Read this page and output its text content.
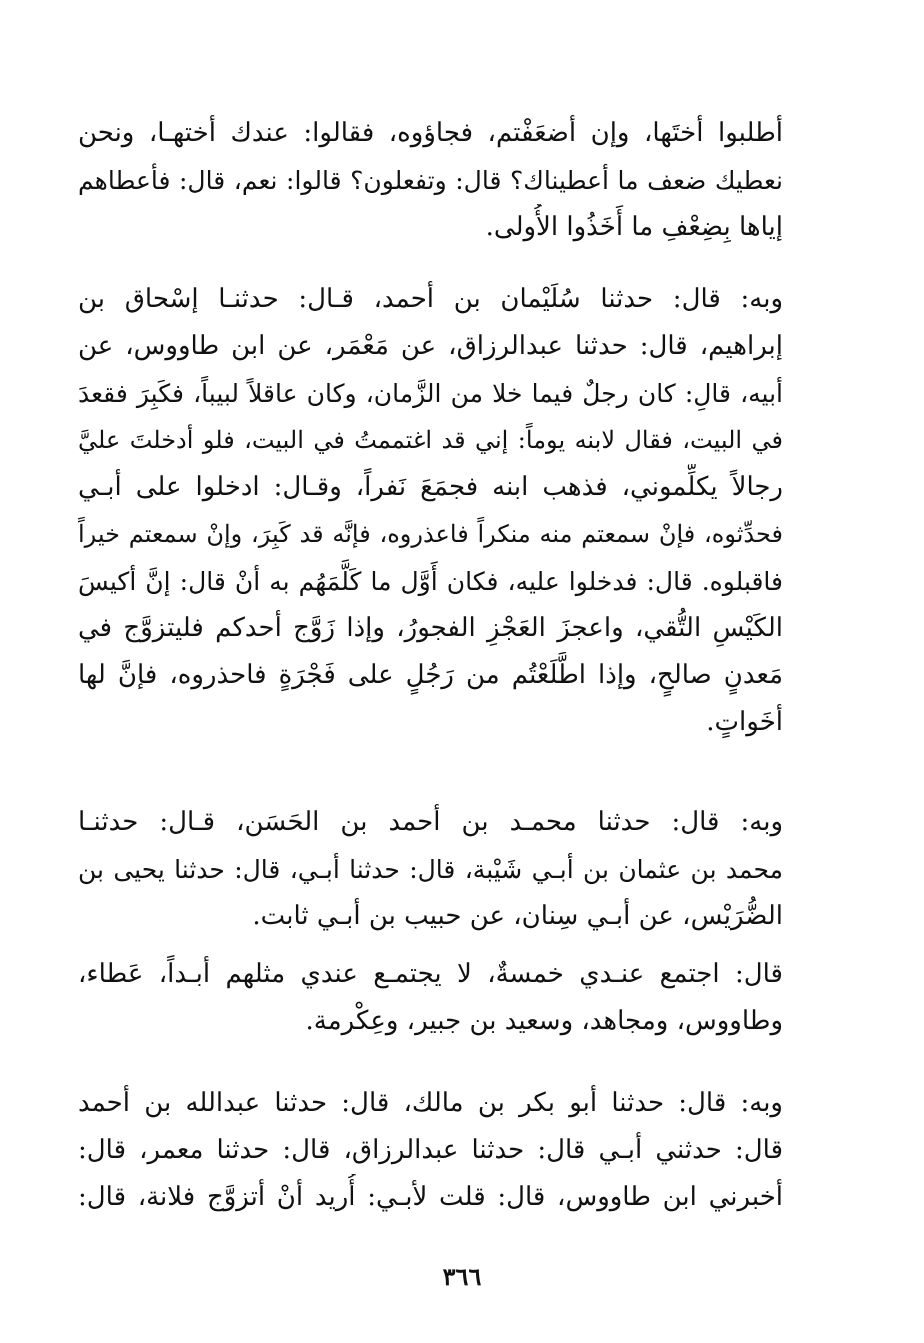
أطلبوا أختَها، وإن أضعَفْتم، فجاؤوه، فقالوا: عندك أختهـا، ونحن
نعطيك ضعف ما أعطيناك؟ قال: وتفعلون؟ قالوا: نعم، قال: فأعطاهم
إياها بِضِعْفِ ما أَخَذُوا الأُولى.
وبه: قال: حدثنا سُلَيْمان بن أحمد، قـال: حدثنـا إسْحاق بن
إبراهيم، قال: حدثنا عبدالرزاق، عن مَعْمَر، عن ابن طاووس، عن
أبيه، قالِ: كان رجلٌ فيما خلا من الزَّمان، وكان عاقلاً لبيباً، فكَبِرَ فقعدَ
في البيت، فقال لابنه يوماً: إني قد اغتممتُ في البيت، فلو أدخلتَ عليَّ
رجالاً يكلِّموني، فذهب ابنه فجمَعَ نَفراً، وقـال: ادخلوا على أبـي
فحدِّثوه، فإنْ سمعتم منه منكراً فاعذروه، فإنَّه قد كَبِرَ، وإنْ سمعتم خيراً
فاقبلوه. قال: فدخلوا عليه، فكان أَوَّل ما كَلَّمَهُم به أنْ قال: إنَّ أكيسَ
الكَيْسِ التُّقي، واعجزَ العَجْزِ الفجورُ، وإذا زَوَّج أحدكم فليتزوَّج في
مَعدنٍ صالحٍ، وإذا اطَّلَعْتُم من رَجُلٍ على فَجْرَةٍ فاحذروه، فإنَّ لها
أخَواتٍ.
وبه: قال: حدثنا محمـد بن أحمد بن الحَسَن، قـال: حدثنـا
محمد بن عثمان بن أبـي شَيْبة، قال: حدثنا أبـي، قال: حدثنا يحيى بن
الضُّرَيْس، عن أبـي سِنان، عن حبيب بن أبـي ثابت.
قال: اجتمع عنـدي خمسةٌ، لا يجتمـع عندي مثلهم أبـداً، عَطاء،
وطاووس، ومجاهد، وسعيد بن جبير، وعِكْرمة.
وبه: قال: حدثنا أبو بكر بن مالك، قال: حدثنا عبدالله بن أحمد
قال: حدثني أبـي قال: حدثنا عبدالرزاق، قال: حدثنا معمر، قال:
أخبرني ابن طاووس، قال: قلت لأبـي: أُريد أنْ أتزوَّج فلانة، قال:
٣٦٦
